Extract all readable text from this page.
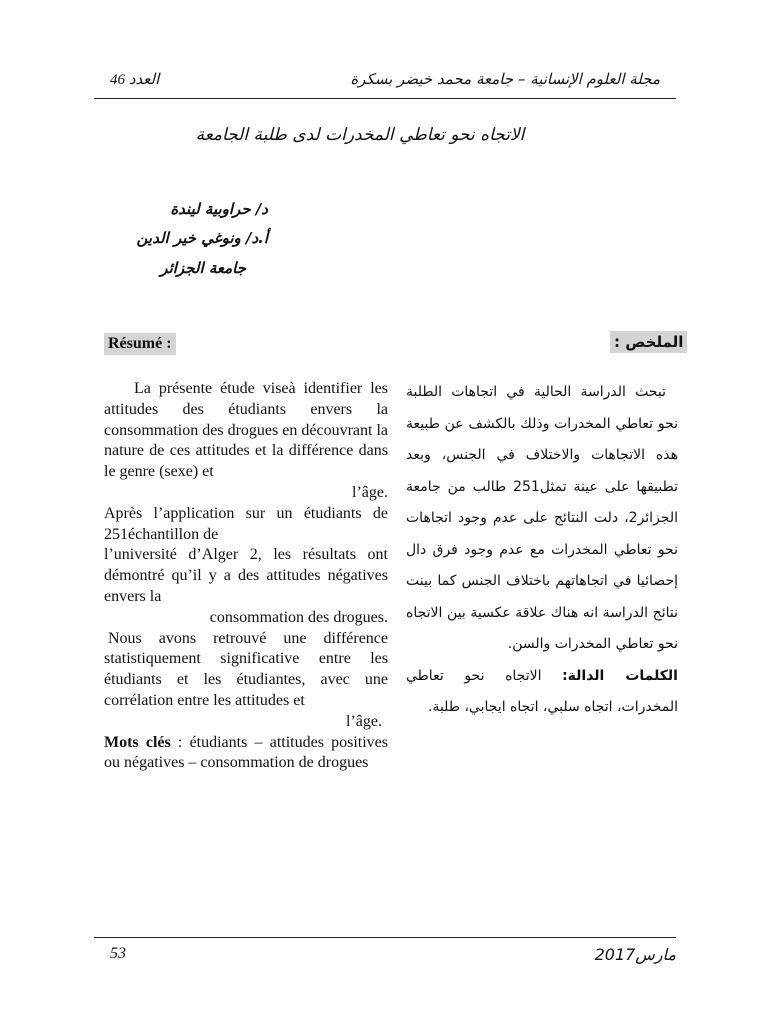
مجلة العلوم الإنسانية – جامعة محمد خيضر بسكرة
العدد 46
الاتجاه نحو تعاطي المخدرات لدى طلبة الجامعة
د/ حراوبية ليندة
أ.د/ ونوغي خير الدين
جامعة الجزائر
Résumé :	الملخص :

La présente étude viseà identifier les attitudes des étudiants envers la consommation des drogues en découvrant la nature de ces attitudes et la différence dans le genre (sexe) et

l’âge.

Après l’application sur un étudiants de 251échantillon de

l’université d’Alger 2, les résultats ont démontré qu’il y a des attitudes négatives envers la

consommation des drogues.

Nous avons retrouvé une différence statistiquement significative entre les étudiants et les étudiantes, avec une corrélation entre les attitudes et

l’âge.

Mots clés : étudiants – attitudes positives ou négatives – consommation de drogues

تبحث الدراسة الحالية في اتجاهات الطلبة نحو تعاطي المخدرات وذلك بالكشف عن طبيعة هذه الاتجاهات والاختلاف في الجنس، وبعد تطبيقها على عينة تمثل251 طالب من جامعة الجزائر2، دلت النتائج على عدم وجود اتجاهات نحو تعاطي المخدرات مع عدم وجود فرق دال إحصائيا في اتجاهاتهم باختلاف الجنس كما بينت نتائج الدراسة انه هناك علاقة عكسية بين الاتجاه نحو تعاطي المخدرات والسن.

الكلمات الدالة: الاتجاه نحو تعاطي المخدرات، اتجاه سلبي، اتجاه ايجابي، طلبة.

53	مارس2017
